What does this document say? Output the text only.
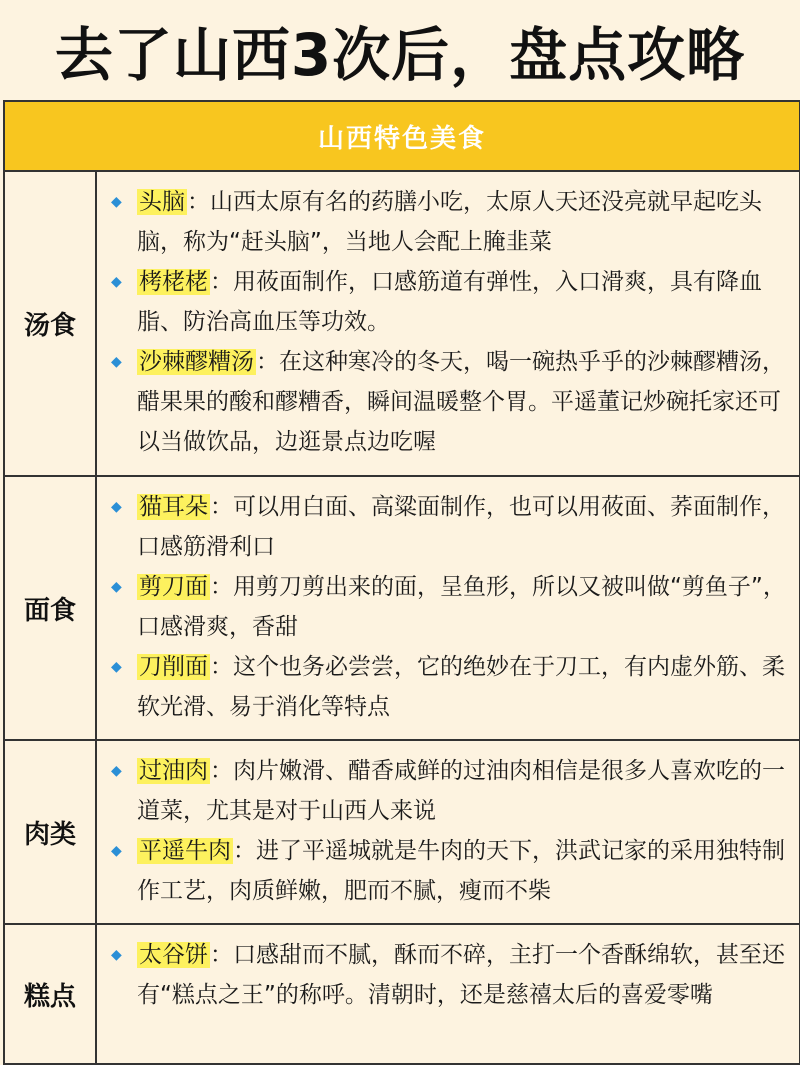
去了山西3次后，盘点攻略
山西特色美食
汤食
◆ 头脑：山西太原有名的药膳小吃，太原人天还没亮就早起吃头脑，称为“赶头脑”，当地人会配上腌韭菜
◆ 栲栳栳：用莜面制作，口感筋道有弹性，入口滑爽，具有降血脂、防治高血压等功效。
◆ 沙棘醪糟汤：在这种寒冷的冬天，喝一碗热乎乎的沙棘醪糟汤，醋果果的酸和醪糟香，瞬间温暖整个胃。平遥董记炒碗托家还可以当做饮品，边逛景点边吃喔
面食
◆ 猫耳朵：可以用白面、高粱面制作，也可以用莜面、荞面制作，口感筋滑利口
◆ 剪刀面：用剪刀剪出来的面，呈鱼形，所以又被叫做“剪鱼子”，口感滑爽，香甜
◆ 刀削面：这个也务必尝尝，它的绝妙在于刀工，有内虚外筋、柔软光滑、易于消化等特点
肉类
◆ 过油肉：肉片嫩滑、醋香咸鲜的过油肉相信是很多人喜欢吃的一道菜，尤其是对于山西人来说
◆ 平遥牛肉：进了平遥城就是牛肉的天下，洪武记家的采用独特制作工艺，肉质鲜嫩，肥而不腻，瘦而不柴
糕点
◆ 太谷饼：口感甜而不腻，酥而不碎，主打一个香酥绵软，甚至还有“糕点之王”的称呼。清朝时，还是慈禧太后的喜爱零嘴
